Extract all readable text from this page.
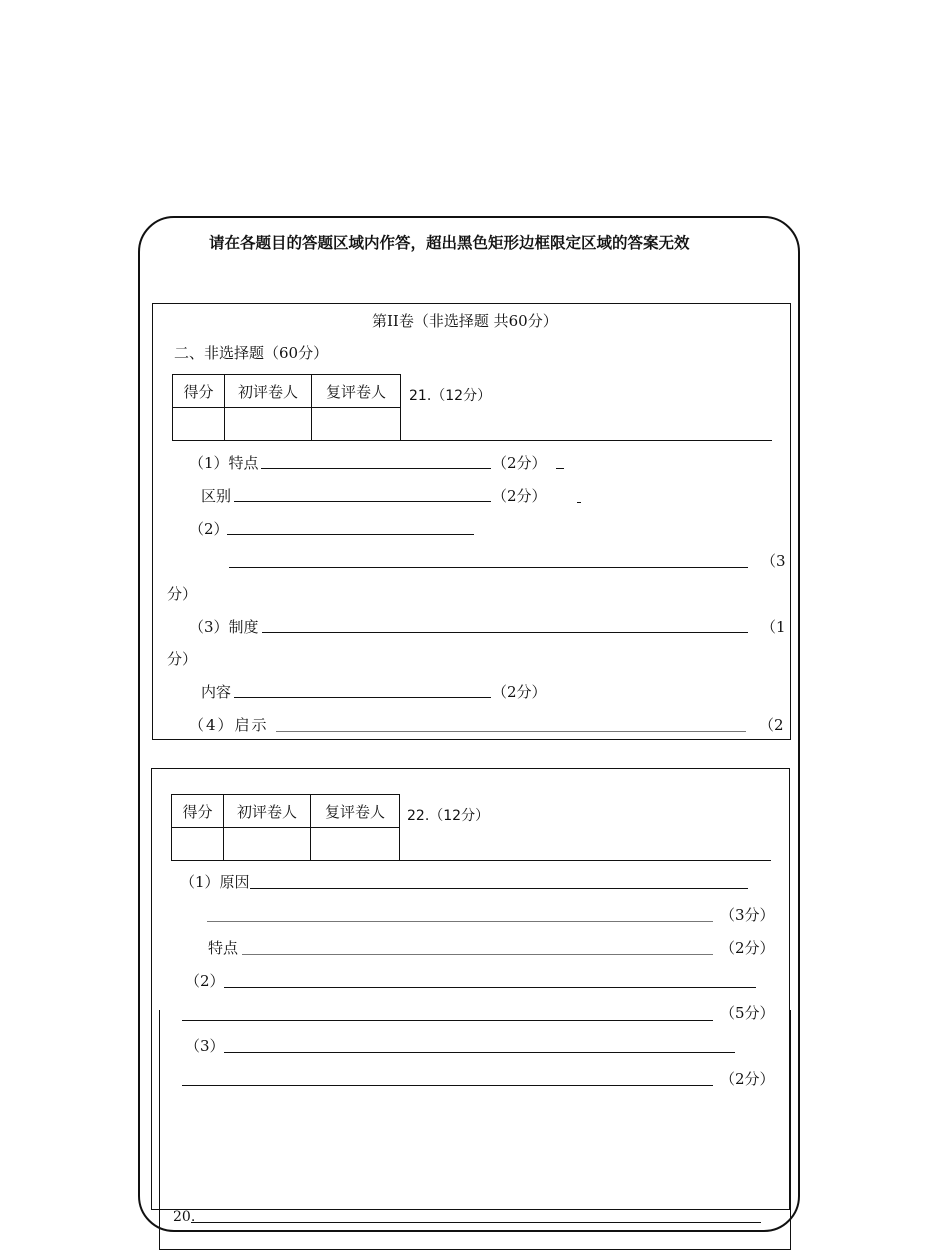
请在各题目的答题区域内作答，超出黑色矩形边框限定区域的答案无效
第II卷（非选择题 共60分）
二、非选择题（60分）
得分	初评卷人	复评卷人
		21.（12分）
（1）特点	（2分）
区别	（2分）
（2）
（3
分）
（3）制度	（1
分）
内容	（2分）
（4）启示	（2
得分	初评卷人	复评卷人
		22.（12分）
（1）原因
（3分）
特点	（2分）
（2）
（5分）
（3）
（2分）
20.
